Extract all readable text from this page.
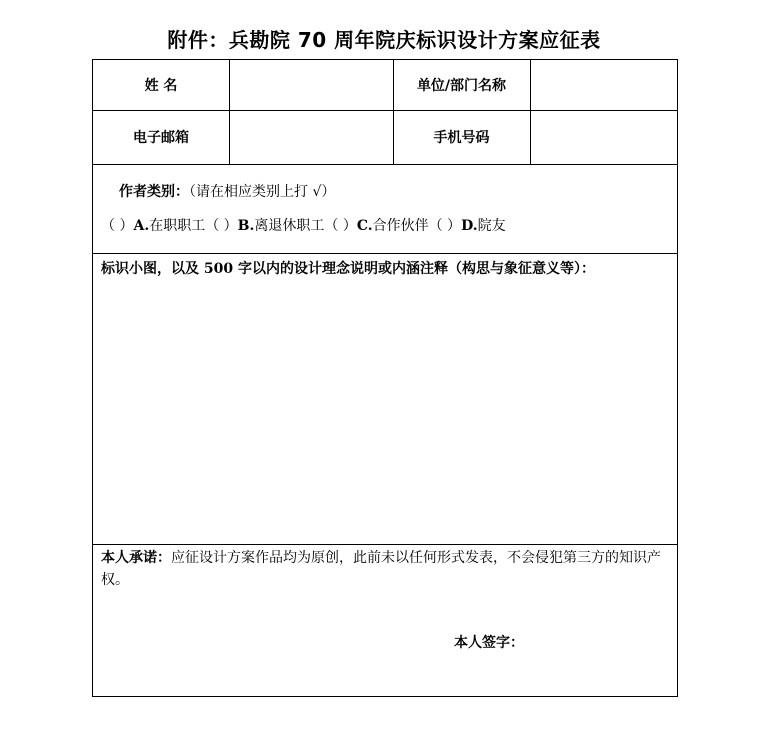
附件：兵勘院 70 周年院庆标识设计方案应征表
姓 名	单位/部门名称
电子邮箱	手机号码
作者类别：（请在相应类别上打 √）
（ ）A.在职职工（ ）B.离退休职工（ ）C.合作伙伴（ ）D.院友
标识小图，以及 500 字以内的设计理念说明或内涵注释（构思与象征意义等）：
本人承诺：应征设计方案作品均为原创，此前未以任何形式发表，不会侵犯第三方的知识产权。
本人签字：
